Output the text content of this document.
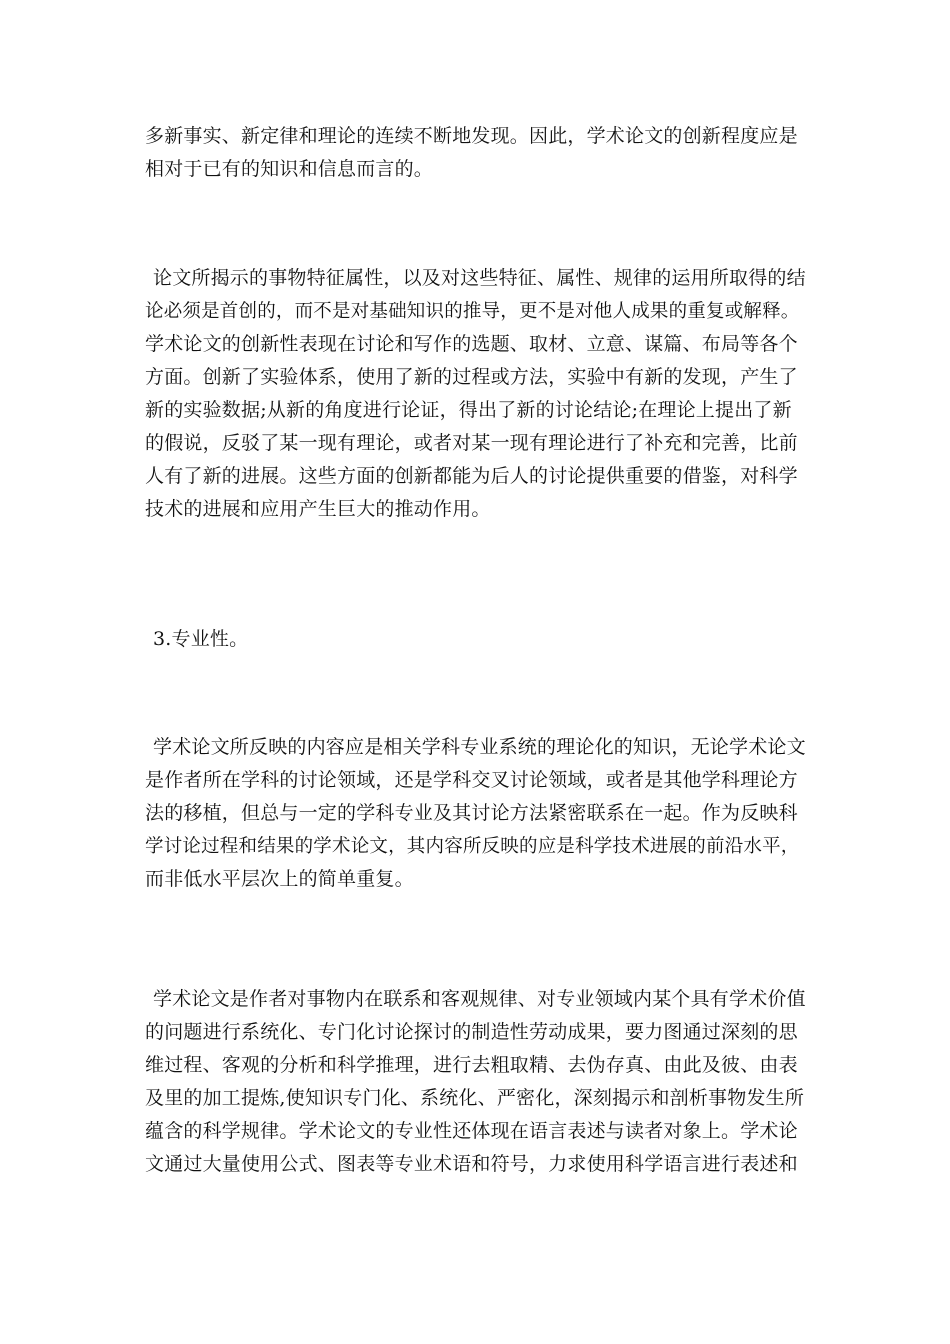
多新事实、新定律和理论的连续不断地发现。因此，学术论文的创新程度应是
相对于已有的知识和信息而言的。
论文所揭示的事物特征属性，以及对这些特征、属性、规律的运用所取得的结
论必须是首创的，而不是对基础知识的推导，更不是对他人成果的重复或解释。
学术论文的创新性表现在讨论和写作的选题、取材、立意、谋篇、布局等各个
方面。创新了实验体系，使用了新的过程或方法，实验中有新的发现，产生了
新的实验数据;从新的角度进行论证，得出了新的讨论结论;在理论上提出了新
的假说，反驳了某一现有理论，或者对某一现有理论进行了补充和完善，比前
人有了新的进展。这些方面的创新都能为后人的讨论提供重要的借鉴，对科学
技术的进展和应用产生巨大的推动作用。
3.专业性。
学术论文所反映的内容应是相关学科专业系统的理论化的知识，无论学术论文
是作者所在学科的讨论领域，还是学科交叉讨论领域，或者是其他学科理论方
法的移植，但总与一定的学科专业及其讨论方法紧密联系在一起。作为反映科
学讨论过程和结果的学术论文，其内容所反映的应是科学技术进展的前沿水平，
而非低水平层次上的简单重复。
学术论文是作者对事物内在联系和客观规律、对专业领域内某个具有学术价值
的问题进行系统化、专门化讨论探讨的制造性劳动成果，要力图通过深刻的思
维过程、客观的分析和科学推理，进行去粗取精、去伪存真、由此及彼、由表
及里的加工提炼,使知识专门化、系统化、严密化，深刻揭示和剖析事物发生所
蕴含的科学规律。学术论文的专业性还体现在语言表述与读者对象上。学术论
文通过大量使用公式、图表等专业术语和符号，力求使用科学语言进行表述和
